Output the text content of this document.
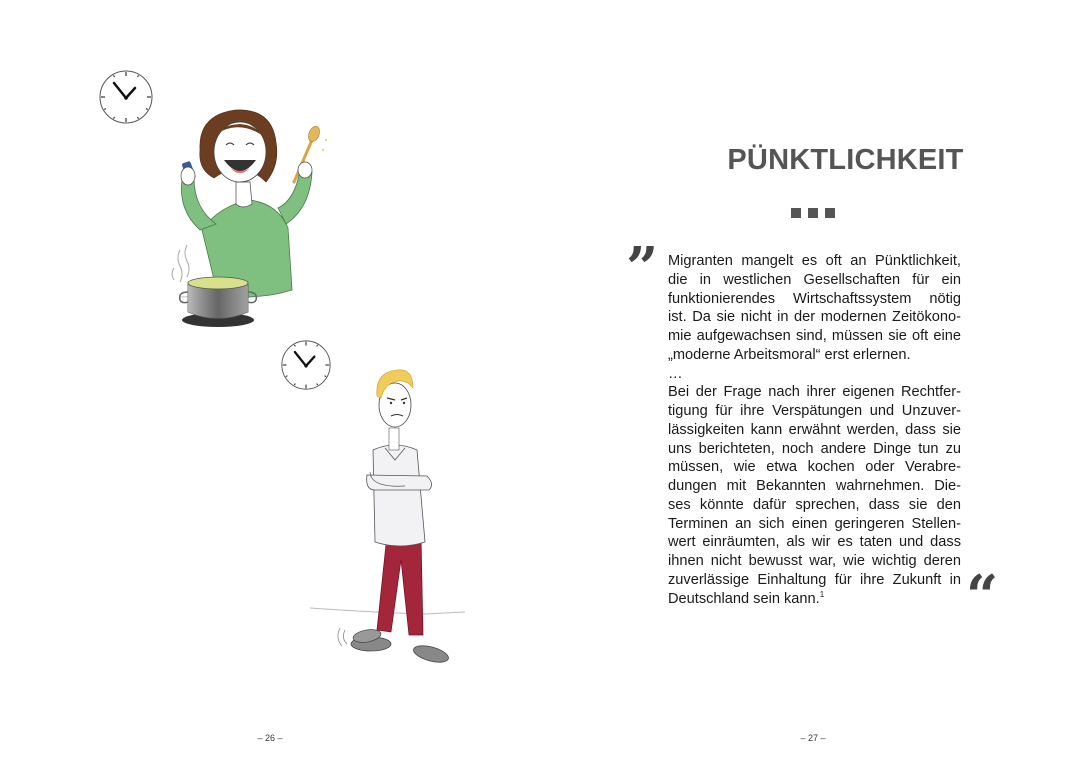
– 26 –
PÜNKTLICHKEIT
” Migranten mangelt es oft an Pünktlichkeit,
die in westlichen Gesellschaften für ein
funktionierendes Wirtschaftssystem nötig
ist. Da sie nicht in der modernen Zeitökono-
mie aufgewachsen sind, müssen sie oft eine
„moderne Arbeitsmoral“ erst erlernen.
…
Bei der Frage nach ihrer eigenen Rechtfer-
tigung für ihre Verspätungen und Unzuver-
lässigkeiten kann erwähnt werden, dass sie
uns berichteten, noch andere Dinge tun zu
müssen, wie etwa kochen oder Verabre-
dungen mit Bekannten wahrnehmen. Die-
ses könnte dafür sprechen, dass sie den
Terminen an sich einen geringeren Stellen-
wert einräumten, als wir es taten und dass
ihnen nicht bewusst war, wie wichtig deren
zuverlässige Einhaltung für ihre Zukunft in
Deutschland sein kann.$^1$	“
– 27 –
